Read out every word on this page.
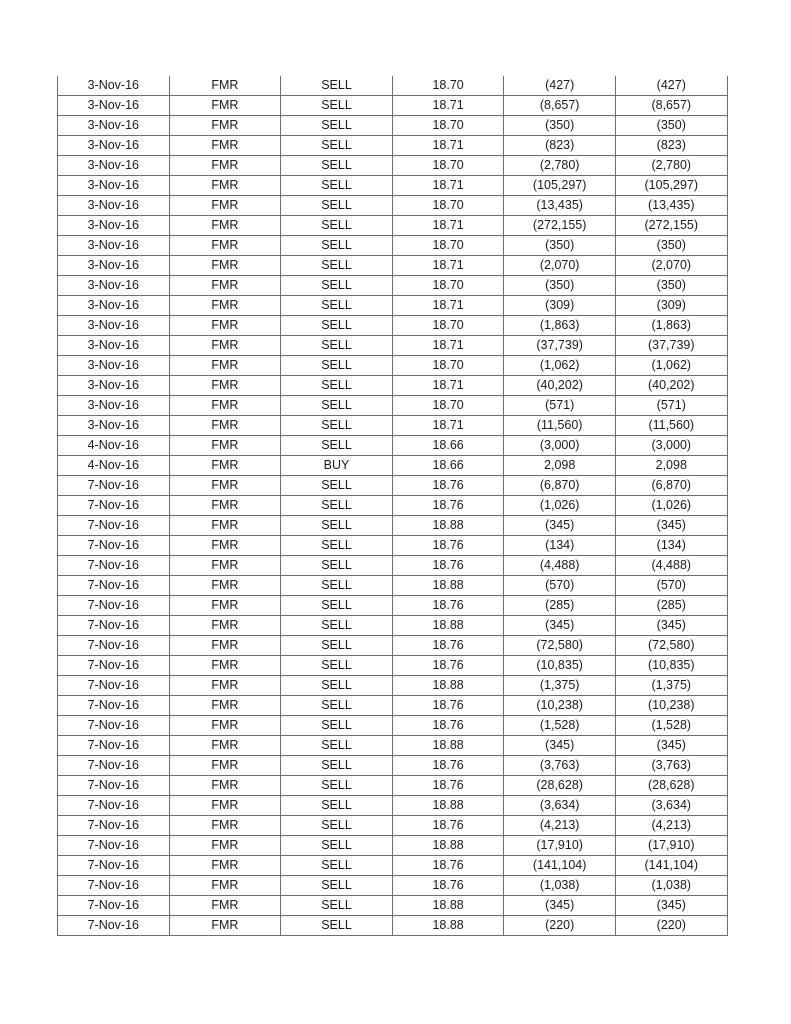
3-Nov-16	FMR	SELL	18.70	(427)	(427)
3-Nov-16	FMR	SELL	18.71	(8,657)	(8,657)
3-Nov-16	FMR	SELL	18.70	(350)	(350)
3-Nov-16	FMR	SELL	18.71	(823)	(823)
3-Nov-16	FMR	SELL	18.70	(2,780)	(2,780)
3-Nov-16	FMR	SELL	18.71	(105,297)	(105,297)
3-Nov-16	FMR	SELL	18.70	(13,435)	(13,435)
3-Nov-16	FMR	SELL	18.71	(272,155)	(272,155)
3-Nov-16	FMR	SELL	18.70	(350)	(350)
3-Nov-16	FMR	SELL	18.71	(2,070)	(2,070)
3-Nov-16	FMR	SELL	18.70	(350)	(350)
3-Nov-16	FMR	SELL	18.71	(309)	(309)
3-Nov-16	FMR	SELL	18.70	(1,863)	(1,863)
3-Nov-16	FMR	SELL	18.71	(37,739)	(37,739)
3-Nov-16	FMR	SELL	18.70	(1,062)	(1,062)
3-Nov-16	FMR	SELL	18.71	(40,202)	(40,202)
3-Nov-16	FMR	SELL	18.70	(571)	(571)
3-Nov-16	FMR	SELL	18.71	(11,560)	(11,560)
4-Nov-16	FMR	SELL	18.66	(3,000)	(3,000)
4-Nov-16	FMR	BUY	18.66	2,098	2,098
7-Nov-16	FMR	SELL	18.76	(6,870)	(6,870)
7-Nov-16	FMR	SELL	18.76	(1,026)	(1,026)
7-Nov-16	FMR	SELL	18.88	(345)	(345)
7-Nov-16	FMR	SELL	18.76	(134)	(134)
7-Nov-16	FMR	SELL	18.76	(4,488)	(4,488)
7-Nov-16	FMR	SELL	18.88	(570)	(570)
7-Nov-16	FMR	SELL	18.76	(285)	(285)
7-Nov-16	FMR	SELL	18.88	(345)	(345)
7-Nov-16	FMR	SELL	18.76	(72,580)	(72,580)
7-Nov-16	FMR	SELL	18.76	(10,835)	(10,835)
7-Nov-16	FMR	SELL	18.88	(1,375)	(1,375)
7-Nov-16	FMR	SELL	18.76	(10,238)	(10,238)
7-Nov-16	FMR	SELL	18.76	(1,528)	(1,528)
7-Nov-16	FMR	SELL	18.88	(345)	(345)
7-Nov-16	FMR	SELL	18.76	(3,763)	(3,763)
7-Nov-16	FMR	SELL	18.76	(28,628)	(28,628)
7-Nov-16	FMR	SELL	18.88	(3,634)	(3,634)
7-Nov-16	FMR	SELL	18.76	(4,213)	(4,213)
7-Nov-16	FMR	SELL	18.88	(17,910)	(17,910)
7-Nov-16	FMR	SELL	18.76	(141,104)	(141,104)
7-Nov-16	FMR	SELL	18.76	(1,038)	(1,038)
7-Nov-16	FMR	SELL	18.88	(345)	(345)
7-Nov-16	FMR	SELL	18.88	(220)	(220)
